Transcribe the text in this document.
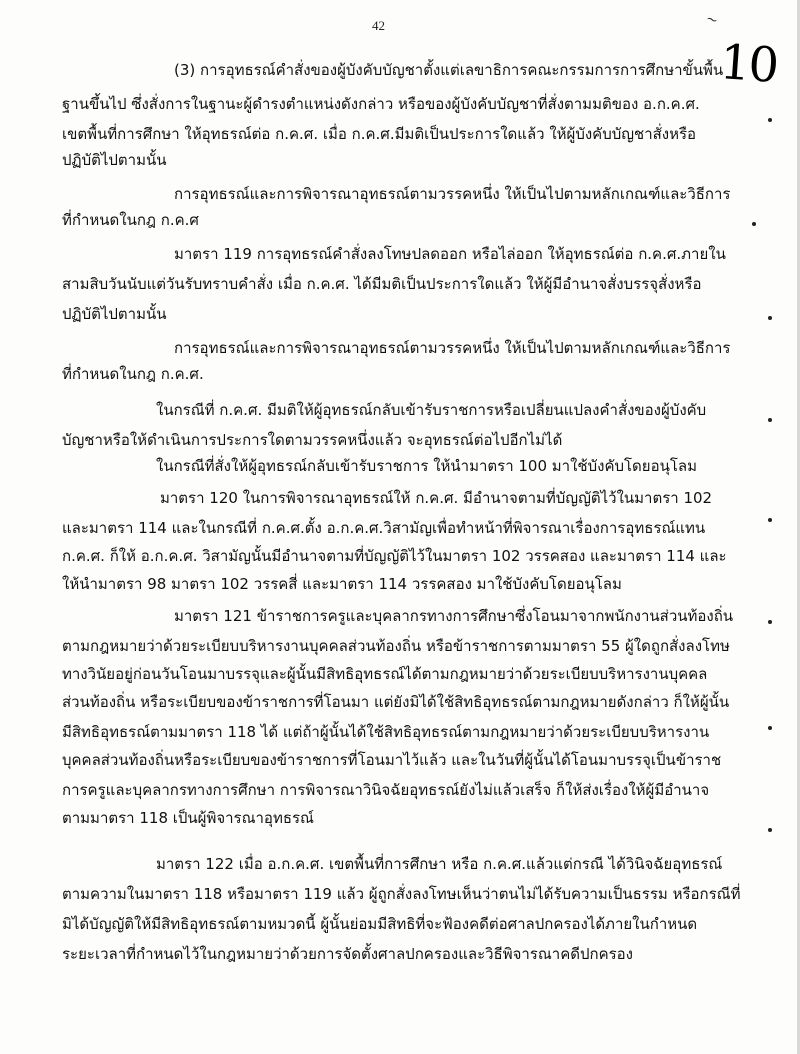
42
10
~
(3) การอุทธรณ์คำสั่งของผู้บังคับบัญชาตั้งแต่เลขาธิการคณะกรรมการการศึกษาขั้นพื้น
ฐานขึ้นไป ซึ่งสั่งการในฐานะผู้ดำรงตำแหน่งดังกล่าว หรือของผู้บังคับบัญชาที่สั่งตามมติของ อ.ก.ค.ศ.
เขตพื้นที่การศึกษา ให้อุทธรณ์ต่อ ก.ค.ศ. เมื่อ ก.ค.ศ.มีมติเป็นประการใดแล้ว ให้ผู้บังคับบัญชาสั่งหรือ
ปฏิบัติไปตามนั้น
การอุทธรณ์และการพิจารณาอุทธรณ์ตามวรรคหนึ่ง ให้เป็นไปตามหลักเกณฑ์และวิธีการ
ที่กำหนดในกฎ ก.ค.ศ
มาตรา 119 การอุทธรณ์คำสั่งลงโทษปลดออก หรือไล่ออก ให้อุทธรณ์ต่อ ก.ค.ศ.ภายใน
สามสิบวันนับแต่วันรับทราบคำสั่ง เมื่อ ก.ค.ศ. ได้มีมติเป็นประการใดแล้ว ให้ผู้มีอำนาจสั่งบรรจุสั่งหรือ
ปฏิบัติไปตามนั้น
การอุทธรณ์และการพิจารณาอุทธรณ์ตามวรรคหนึ่ง ให้เป็นไปตามหลักเกณฑ์และวิธีการ
ที่กำหนดในกฎ ก.ค.ศ.
ในกรณีที่ ก.ค.ศ. มีมติให้ผู้อุทธรณ์กลับเข้ารับราชการหรือเปลี่ยนแปลงคำสั่งของผู้บังคับ
บัญชาหรือให้ดำเนินการประการใดตามวรรคหนึ่งแล้ว จะอุทธรณ์ต่อไปอีกไม่ได้
ในกรณีที่สั่งให้ผู้อุทธรณ์กลับเข้ารับราชการ ให้นำมาตรา 100 มาใช้บังคับโดยอนุโลม
มาตรา 120 ในการพิจารณาอุทธรณ์ให้ ก.ค.ศ. มีอำนาจตามที่บัญญัติไว้ในมาตรา 102
และมาตรา 114 และในกรณีที่ ก.ค.ศ.ตั้ง อ.ก.ค.ศ.วิสามัญเพื่อทำหน้าที่พิจารณาเรื่องการอุทธรณ์แทน
ก.ค.ศ. ก็ให้ อ.ก.ค.ศ. วิสามัญนั้นมีอำนาจตามที่บัญญัติไว้ในมาตรา 102 วรรคสอง และมาตรา 114 และ
ให้นำมาตรา 98 มาตรา 102 วรรคสี่ และมาตรา 114 วรรคสอง มาใช้บังคับโดยอนุโลม
มาตรา 121 ข้าราชการครูและบุคลากรทางการศึกษาซึ่งโอนมาจากพนักงานส่วนท้องถิ่น
ตามกฎหมายว่าด้วยระเบียบบริหารงานบุคคลส่วนท้องถิ่น หรือข้าราชการตามมาตรา 55 ผู้ใดถูกสั่งลงโทษ
ทางวินัยอยู่ก่อนวันโอนมาบรรจุและผู้นั้นมีสิทธิอุทธรณ์ได้ตามกฎหมายว่าด้วยระเบียบบริหารงานบุคคล
ส่วนท้องถิ่น หรือระเบียบของข้าราชการที่โอนมา แต่ยังมิได้ใช้สิทธิอุทธรณ์ตามกฎหมายดังกล่าว ก็ให้ผู้นั้น
มีสิทธิอุทธรณ์ตามมาตรา 118 ได้ แต่ถ้าผู้นั้นได้ใช้สิทธิอุทธรณ์ตามกฎหมายว่าด้วยระเบียบบริหารงาน
บุคคลส่วนท้องถิ่นหรือระเบียบของข้าราชการที่โอนมาไว้แล้ว และในวันที่ผู้นั้นได้โอนมาบรรจุเป็นข้าราช
การครูและบุคลากรทางการศึกษา การพิจารณาวินิจฉัยอุทธรณ์ยังไม่แล้วเสร็จ ก็ให้ส่งเรื่องให้ผู้มีอำนาจ
ตามมาตรา 118 เป็นผู้พิจารณาอุทธรณ์
มาตรา 122 เมื่อ อ.ก.ค.ศ. เขตพื้นที่การศึกษา หรือ ก.ค.ศ.แล้วแต่กรณี ได้วินิจฉัยอุทธรณ์
ตามความในมาตรา 118 หรือมาตรา 119 แล้ว ผู้ถูกสั่งลงโทษเห็นว่าตนไม่ได้รับความเป็นธรรม หรือกรณีที่
มิได้บัญญัติให้มีสิทธิอุทธรณ์ตามหมวดนี้ ผู้นั้นย่อมมีสิทธิที่จะฟ้องคดีต่อศาลปกครองได้ภายในกำหนด
ระยะเวลาที่กำหนดไว้ในกฎหมายว่าด้วยการจัดตั้งศาลปกครองและวิธีพิจารณาคดีปกครอง
